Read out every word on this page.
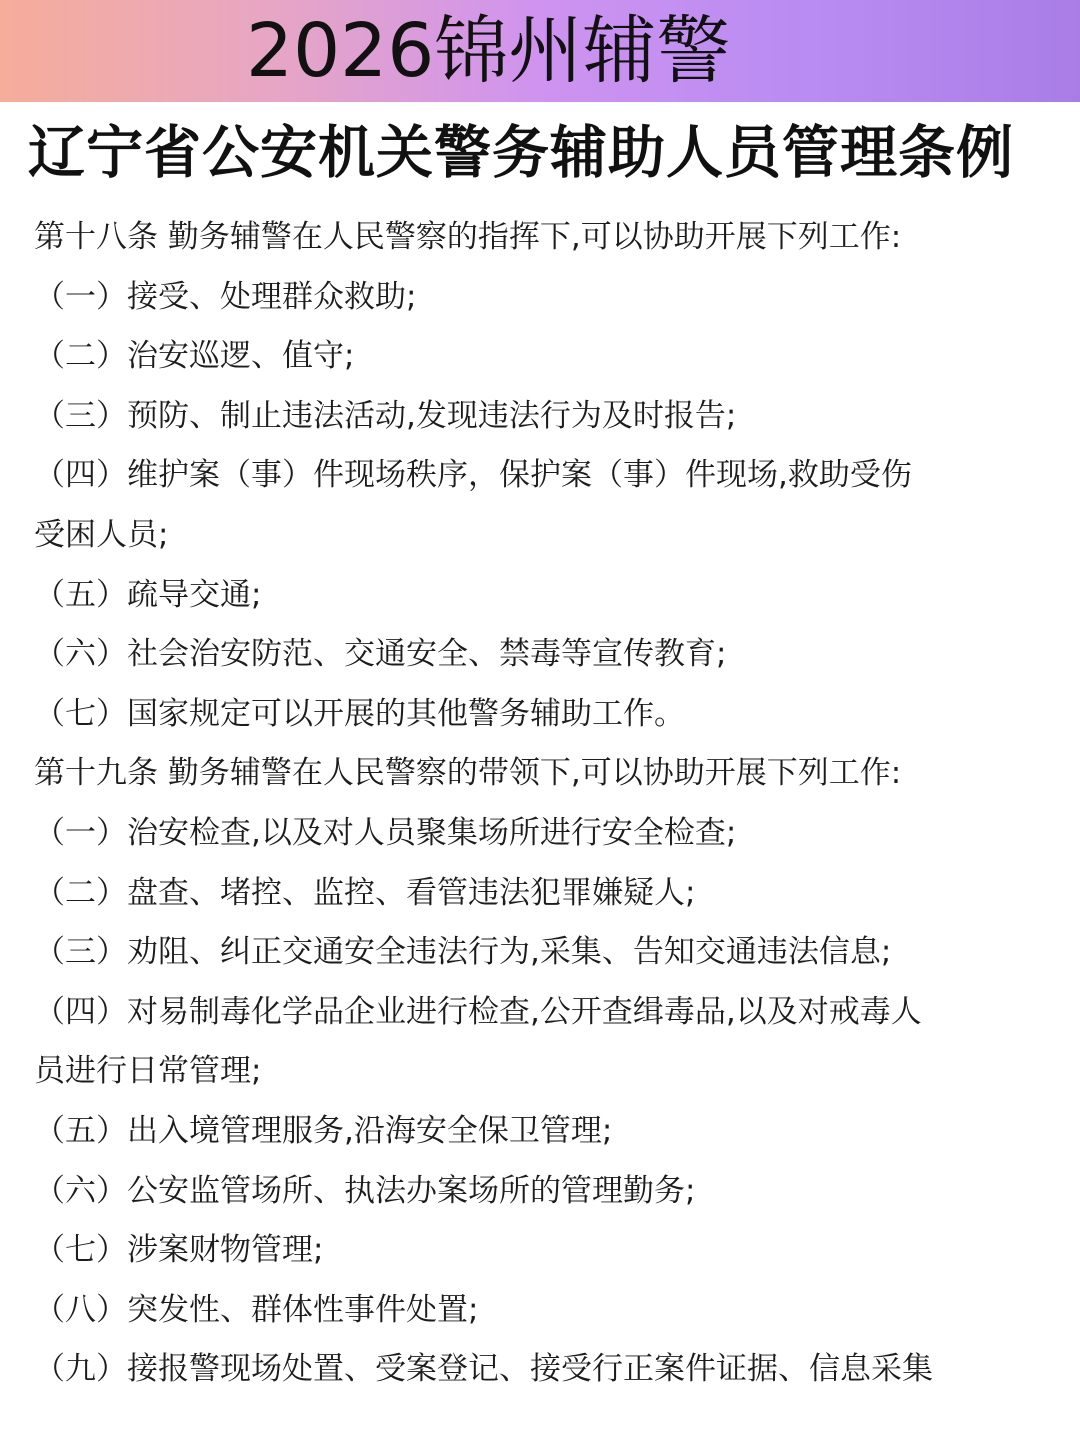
2026锦州辅警
辽宁省公安机关警务辅助人员管理条例
第十八条 勤务辅警在人民警察的指挥下,可以协助开展下列工作:
（一）接受、处理群众救助;
（二）治安巡逻、值守;
（三）预防、制止违法活动,发现违法行为及时报告;
（四）维护案（事）件现场秩序，保护案（事）件现场,救助受伤
受困人员;
（五）疏导交通;
（六）社会治安防范、交通安全、禁毒等宣传教育;
（七）国家规定可以开展的其他警务辅助工作。
第十九条 勤务辅警在人民警察的带领下,可以协助开展下列工作:
（一）治安检查,以及对人员聚集场所进行安全检查;
（二）盘查、堵控、监控、看管违法犯罪嫌疑人;
（三）劝阻、纠正交通安全违法行为,采集、告知交通违法信息;
（四）对易制毒化学品企业进行检查,公开查缉毒品,以及对戒毒人
员进行日常管理;
（五）出入境管理服务,沿海安全保卫管理;
（六）公安监管场所、执法办案场所的管理勤务;
（七）涉案财物管理;
（八）突发性、群体性事件处置;
（九）接报警现场处置、受案登记、接受行正案件证据、信息采集
